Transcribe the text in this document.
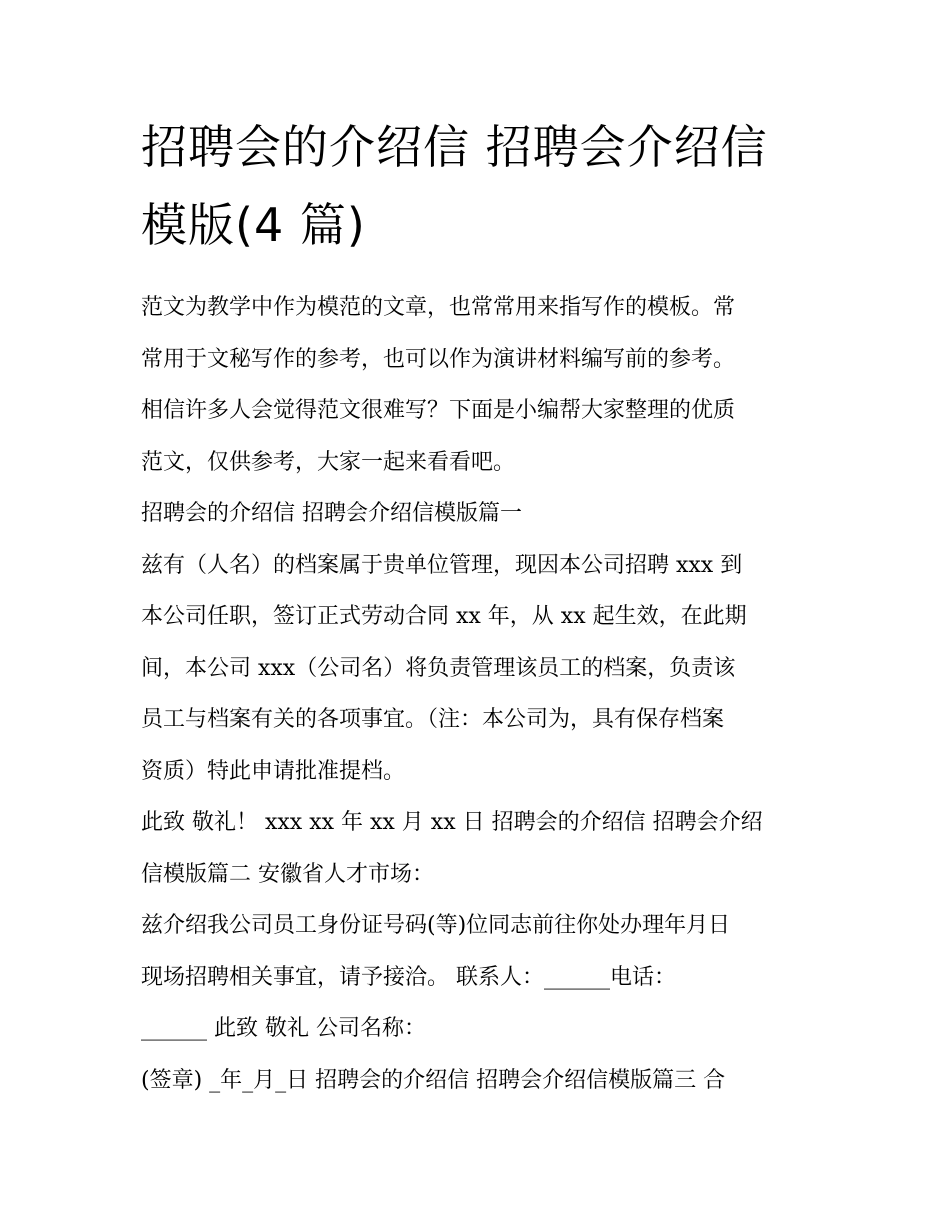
招聘会的介绍信 招聘会介绍信
模版(4 篇)

范文为教学中作为模范的文章，也常常用来指写作的模板。常
常用于文秘写作的参考，也可以作为演讲材料编写前的参考。
相信许多人会觉得范文很难写？下面是小编帮大家整理的优质
范文，仅供参考，大家一起来看看吧。

招聘会的介绍信 招聘会介绍信模版篇一

兹有（人名）的档案属于贵单位管理，现因本公司招聘 xxx 到
本公司任职，签订正式劳动合同 xx 年，从 xx 起生效，在此期
间，本公司 xxx（公司名）将负责管理该员工的档案，负责该
员工与档案有关的各项事宜。（注：本公司为，具有保存档案
资质）特此申请批准提档。

此致 敬礼！ xxx xx 年 xx 月 xx 日 招聘会的介绍信 招聘会介绍
信模版篇二 安徽省人才市场：

兹介绍我公司员工身份证号码(等)位同志前往你处办理年月日
现场招聘相关事宜，请予接洽。 联系人：______电话：
______ 此致 敬礼 公司名称：

(签章) _年_月_日 招聘会的介绍信 招聘会介绍信模版篇三 合
